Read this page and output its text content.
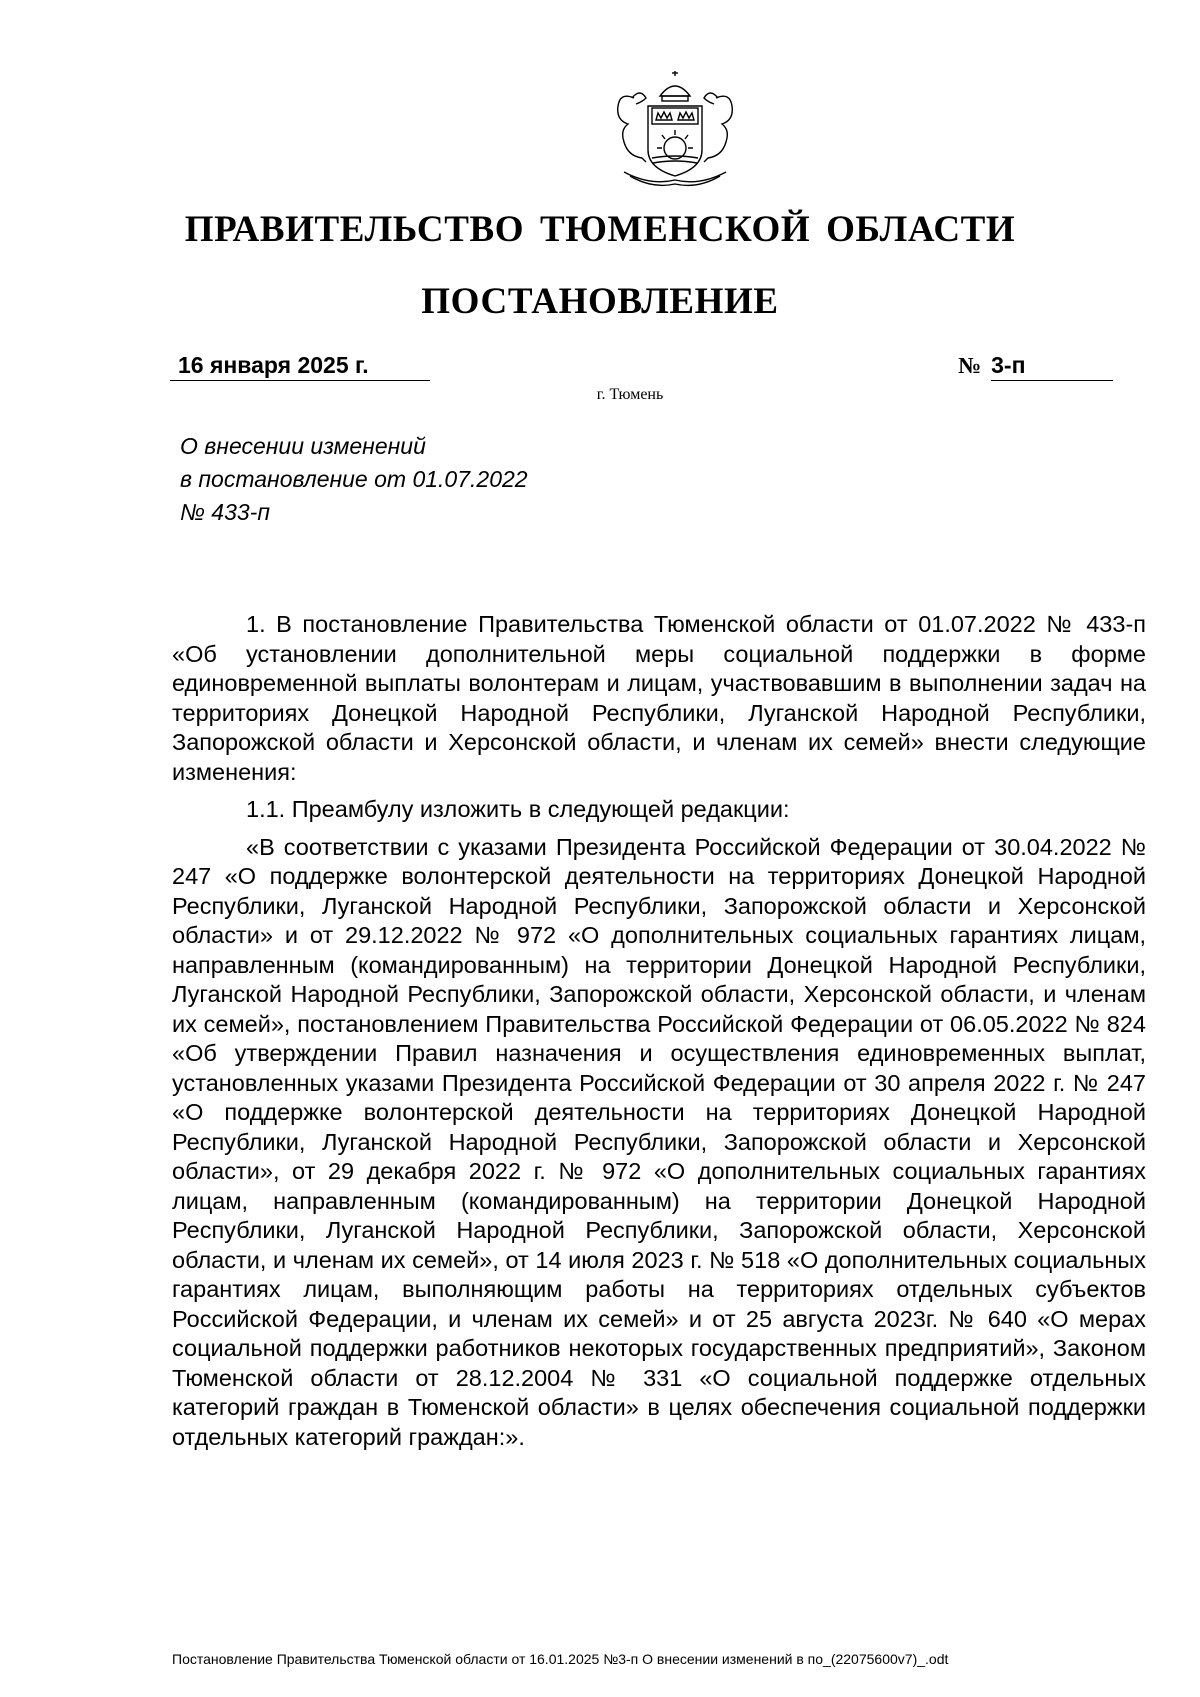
ПРАВИТЕЛЬСТВО ТЮМЕНСКОЙ ОБЛАСТИ
ПОСТАНОВЛЕНИЕ
16 января 2025 г.	№ 3-п
г. Тюмень
О внесении изменений
в постановление от 01.07.2022
№ 433-п

1. В постановление Правительства Тюменской области от 01.07.2022 № 433-п «Об установлении дополнительной меры социальной поддержки в форме единовременной выплаты волонтерам и лицам, участвовавшим в выполнении задач на территориях Донецкой Народной Республики, Луганской Народной Республики, Запорожской области и Херсонской области, и членам их семей» внести следующие изменения:

1.1. Преамбулу изложить в следующей редакции:

«В соответствии с указами Президента Российской Федерации от 30.04.2022 № 247 «О поддержке волонтерской деятельности на территориях Донецкой Народной Республики, Луганской Народной Республики, Запорожской области и Херсонской области» и от 29.12.2022 № 972 «О дополнительных социальных гарантиях лицам, направленным (командированным) на территории Донецкой Народной Республики, Луганской Народной Республики, Запорожской области, Херсонской области, и членам их семей», постановлением Правительства Российской Федерации от 06.05.2022 № 824 «Об утверждении Правил назначения и осуществления единовременных выплат, установленных указами Президента Российской Федерации от 30 апреля 2022 г. № 247 «О поддержке волонтерской деятельности на территориях Донецкой Народной Республики, Луганской Народной Республики, Запорожской области и Херсонской области», от 29 декабря 2022 г. № 972 «О дополнительных социальных гарантиях лицам, направленным (командированным) на территории Донецкой Народной Республики, Луганской Народной Республики, Запорожской области, Херсонской области, и членам их семей», от 14 июля 2023 г. № 518 «О дополнительных социальных гарантиях лицам, выполняющим работы на территориях отдельных субъектов Российской Федерации, и членам их семей» и от 25 августа 2023г. № 640 «О мерах социальной поддержки работников некоторых государственных предприятий», Законом Тюменской области от 28.12.2004 № 331 «О социальной поддержке отдельных категорий граждан в Тюменской области» в целях обеспечения социальной поддержки отдельных категорий граждан:».

Постановление Правительства Тюменской области от 16.01.2025 №3-п О внесении изменений в по_(22075600v7)_.odt
